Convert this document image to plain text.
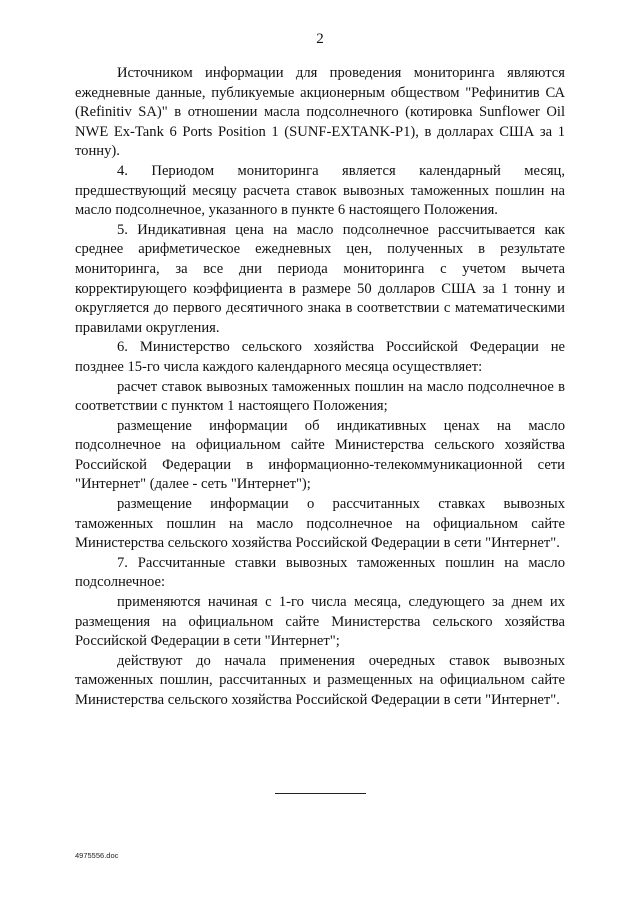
2

Источником информации для проведения мониторинга являются ежедневные данные, публикуемые акционерным обществом "Рефинитив СА (Refinitiv SA)" в отношении масла подсолнечного (котировка Sunflower Oil NWE Ex-Tank 6 Ports Position 1 (SUNF-EXTANK-P1), в долларах США за 1 тонну).

4. Периодом мониторинга является календарный месяц, предшествующий месяцу расчета ставок вывозных таможенных пошлин на масло подсолнечное, указанного в пункте 6 настоящего Положения.

5. Индикативная цена на масло подсолнечное рассчитывается как среднее арифметическое ежедневных цен, полученных в результате мониторинга, за все дни периода мониторинга с учетом вычета корректирующего коэффициента в размере 50 долларов США за 1 тонну и округляется до первого десятичного знака в соответствии с математическими правилами округления.

6. Министерство сельского хозяйства Российской Федерации не позднее 15-го числа каждого календарного месяца осуществляет:

расчет ставок вывозных таможенных пошлин на масло подсолнечное в соответствии с пунктом 1 настоящего Положения;

размещение информации об индикативных ценах на масло подсолнечное на официальном сайте Министерства сельского хозяйства Российской Федерации в информационно-телекоммуникационной сети "Интернет" (далее - сеть "Интернет");

размещение информации о рассчитанных ставках вывозных таможенных пошлин на масло подсолнечное на официальном сайте Министерства сельского хозяйства Российской Федерации в сети "Интернет".

7. Рассчитанные ставки вывозных таможенных пошлин на масло подсолнечное:

применяются начиная с 1-го числа месяца, следующего за днем их размещения на официальном сайте Министерства сельского хозяйства Российской Федерации в сети "Интернет";

действуют до начала применения очередных ставок вывозных таможенных пошлин, рассчитанных и размещенных на официальном сайте Министерства сельского хозяйства Российской Федерации в сети "Интернет".

4975556.doc
